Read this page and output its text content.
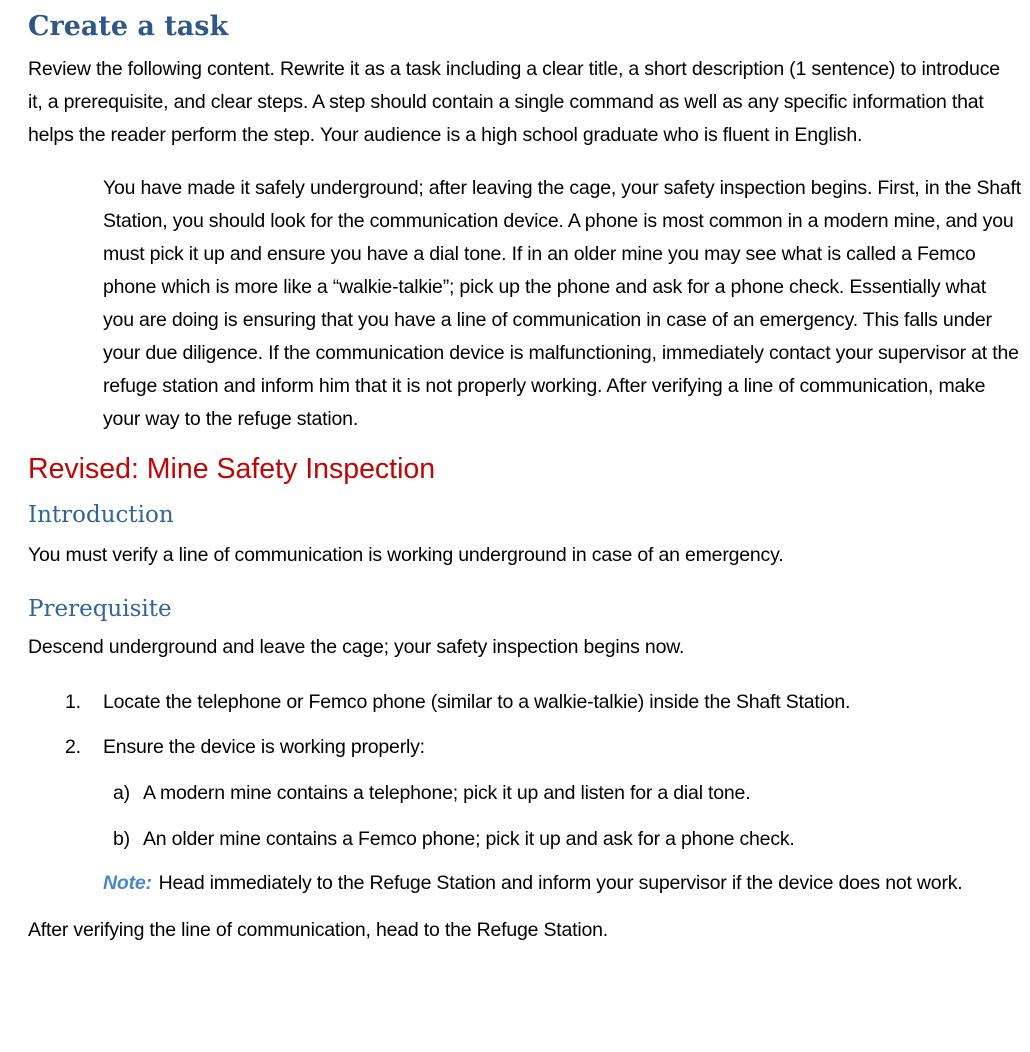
Create a task

Review the following content. Rewrite it as a task including a clear title, a short description (1 sentence) to introduce it, a prerequisite, and clear steps. A step should contain a single command as well as any specific information that helps the reader perform the step. Your audience is a high school graduate who is fluent in English.

You have made it safely underground; after leaving the cage, your safety inspection begins. First, in the Shaft Station, you should look for the communication device. A phone is most common in a modern mine, and you must pick it up and ensure you have a dial tone. If in an older mine you may see what is called a Femco phone which is more like a “walkie-talkie”; pick up the phone and ask for a phone check. Essentially what you are doing is ensuring that you have a line of communication in case of an emergency. This falls under your due diligence. If the communication device is malfunctioning, immediately contact your supervisor at the refuge station and inform him that it is not properly working. After verifying a line of communication, make your way to the refuge station.

Revised: Mine Safety Inspection
Introduction

You must verify a line of communication is working underground in case of an emergency.

Prerequisite

Descend underground and leave the cage; your safety inspection begins now.

1.	Locate the telephone or Femco phone (similar to a walkie-talkie) inside the Shaft Station.
2.	Ensure the device is working properly:
a) A modern mine contains a telephone; pick it up and listen for a dial tone.
b) An older mine contains a Femco phone; pick it up and ask for a phone check.

Note: Head immediately to the Refuge Station and inform your supervisor if the device does not work.

After verifying the line of communication, head to the Refuge Station.
